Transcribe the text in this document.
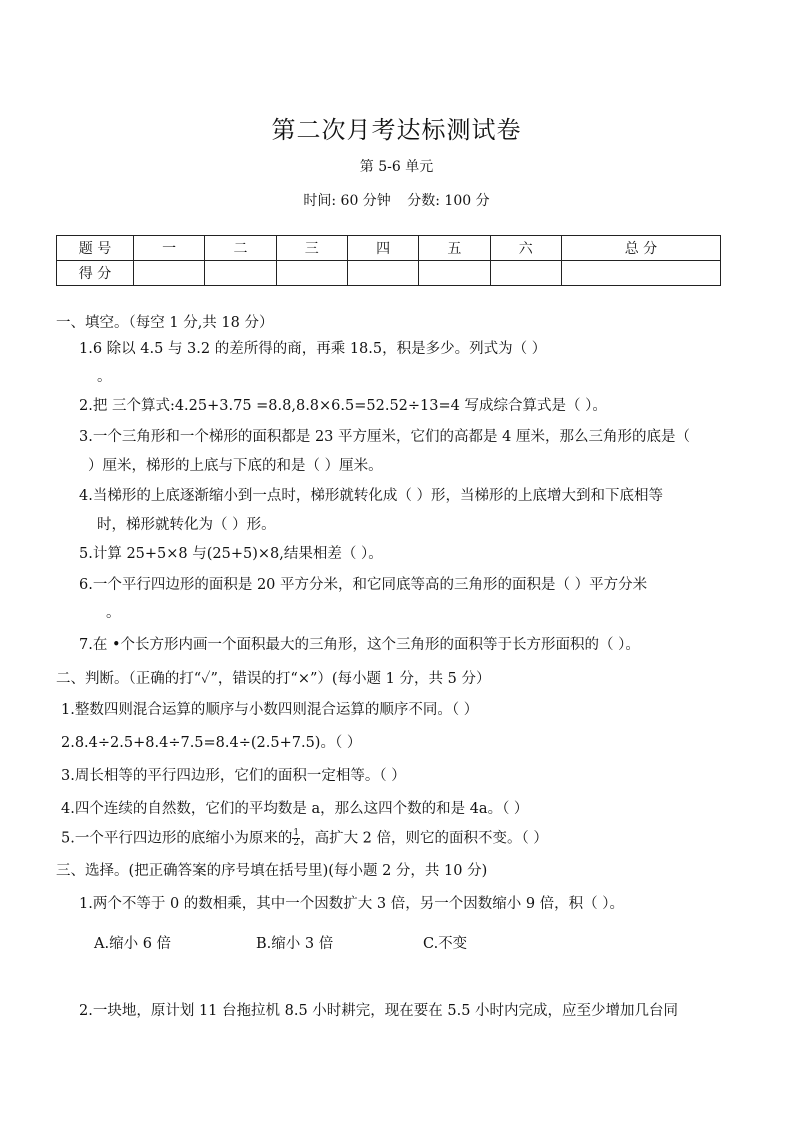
第二次月考达标测试卷
第 5-6 单元
时间: 60 分钟 分数: 100 分
题 号	一	二	三	四	五	六	总 分
得 分							
一、填空。（每空 1 分,共 18 分）
1.6 除以 4.5 与 3.2 的差所得的商，再乘 18.5，积是多少。列式为（ ）
。
2.把 三个算式:4.25+3.75 =8.8,8.8×6.5=52.52÷13=4 写成综合算式是（ ）。
3.一个三角形和一个梯形的面积都是 23 平方厘米，它们的高都是 4 厘米，那么三角形的底是（
）厘米，梯形的上底与下底的和是（ ）厘米。
4.当梯形的上底逐渐缩小到一点时，梯形就转化成（ ）形，当梯形的上底增大到和下底相等
时，梯形就转化为（ ）形。
5.计算 25+5×8 与(25+5)×8,结果相差（ ）。
6.一个平行四边形的面积是 20 平方分米，和它同底等高的三角形的面积是（ ）平方分米
。
7.在 •个长方形内画一个面积最大的三角形，这个三角形的面积等于长方形面积的（ ）。
二、判断。（正确的打“✓”，错误的打“×”）(每小题 1 分，共 5 分）
1.整数四则混合运算的顺序与小数四则混合运算的顺序不同。（ ）
2.8.4÷2.5+8.4÷7.5=8.4÷(2.5+7.5)。（ ）
3.周长相等的平行四边形，它们的面积一定相等。（ ）
4.四个连续的自然数，它们的平均数是 a，那么这四个数的和是 4a。（ ）
5.一个平行四边形的底缩小为原来的 $\frac{1}{2}$ ，高扩大 2 倍，则它的面积不变。（ ）
三、选择。(把正确答案的序号填在括号里)(每小题 2 分，共 10 分)
1.两个不等于 0 的数相乘，其中一个因数扩大 3 倍，另一个因数缩小 9 倍，积（ ）。
A.缩小 6 倍	B.缩小 3 倍	C.不变
2.一块地，原计划 11 台拖拉机 8.5 小时耕完，现在要在 5.5 小时内完成，应至少增加几台同
